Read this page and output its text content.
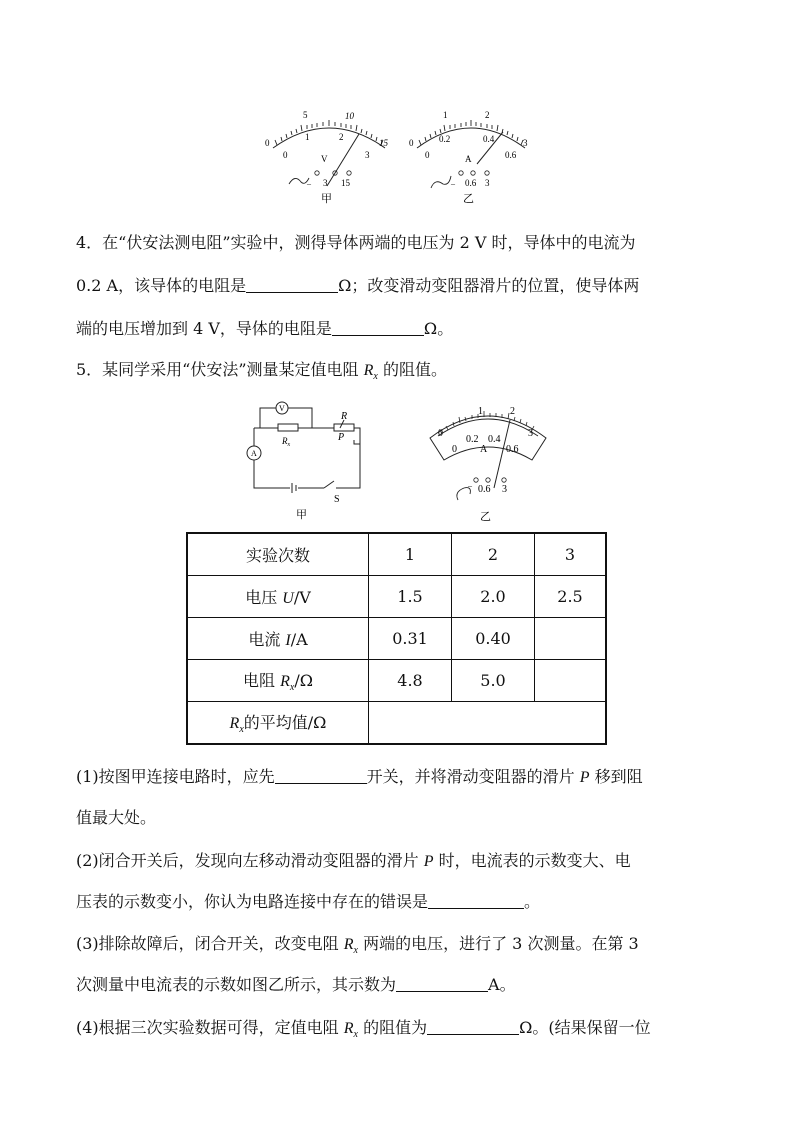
0
5	10
15
0
1	2
3
V
– 3 15
甲
0
1	2
3
0
0.2	0.4
0.6
A
– 0.6 3
乙
4．在“伏安法测电阻”实验中，测得导体两端的电压为 2 V 时，导体中的电流为
0.2 A，该导体的电阻是	Ω；改变滑动变阻器滑片的位置，使导体两
端的电压增加到 4 V，导体的电阻是	Ω。
5．某同学采用“伏安法”测量某定值电阻 $R_x$ 的阻值。
V
A
$R_x$
R
P
S
甲
0
1	2
3
0
0.2 0.4
0.6
A
– 0.6 3
乙
实验次数	1	2	3
电压 U/V	1.5	2.0	2.5
电流 I/A	0.31	0.40	
电阻 $R_x/\Omega$	4.8	5.0	
$R_x$的平均值/Ω			
(1)按图甲连接电路时，应先	开关，并将滑动变阻器的滑片 P 移到阻
值最大处。
(2)闭合开关后，发现向左移动滑动变阻器的滑片 P 时，电流表的示数变大、电
压表的示数变小，你认为电路连接中存在的错误是	。
(3)排除故障后，闭合开关，改变电阻 $R_x$ 两端的电压，进行了 3 次测量。在第 3
次测量中电流表的示数如图乙所示，其示数为	A。
(4)根据三次实验数据可得，定值电阻 $R_x$ 的阻值为	Ω。(结果保留一位
